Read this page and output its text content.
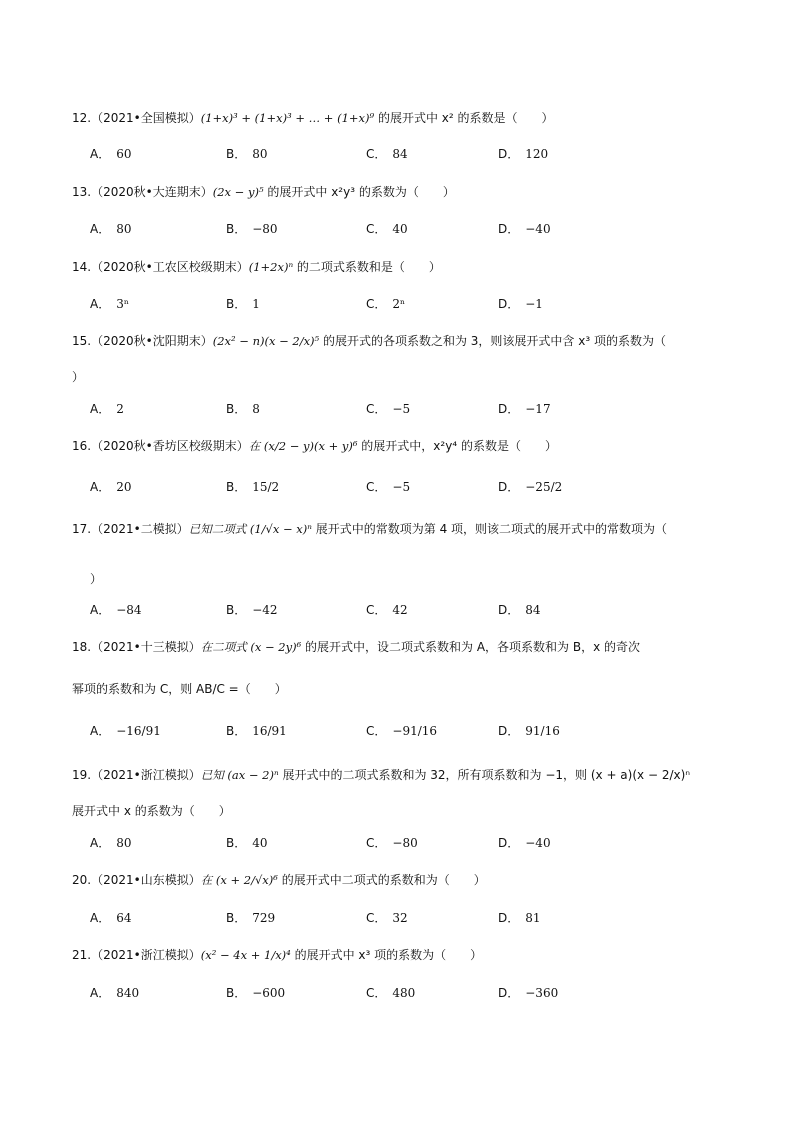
12.（2021•全国模拟）(1+x)³ + (1+x)³ + … + (1+x)⁹ 的展开式中 x² 的系数是（　　）
A． 60	B． 80	C． 84	D． 120
13.（2020秋•大连期末）(2x − y)⁵ 的展开式中 x²y³ 的系数为（　　）
A． 80	B． −80	C． 40	D． −40
14.（2020秋•工农区校级期末）(1+2x)ⁿ 的二项式系数和是（　　）
A． 3ⁿ	B． 1	C． 2ⁿ	D． −1
15.（2020秋•沈阳期末）(2x² − n)(x − 2/x)⁵ 的展开式的各项系数之和为 3，则该展开式中含 x³ 项的系数为（
）
A． 2	B． 8	C． −5	D． −17
16.（2020秋•香坊区校级期末）在 (x/2 − y)(x + y)⁶ 的展开式中，x²y⁴ 的系数是（　　）
A． 20	B． 15/2	C． −5	D． −25/2
17.（2021•二模拟）已知二项式 (1/√x − x)ⁿ 展开式中的常数项为第 4 项，则该二项式的展开式中的常数项为（
）
A． −84	B． −42	C． 42	D． 84
18.（2021•十三模拟）在二项式 (x − 2y)⁶ 的展开式中，设二项式系数和为 A，各项系数和为 B，x 的奇次
幂项的系数和为 C，则 AB/C =（　　）
A． −16/91	B． 16/91	C． −91/16	D． 91/16
19.（2021•浙江模拟）已知 (ax − 2)ⁿ 展开式中的二项式系数和为 32，所有项系数和为 −1，则 (x + a)(x − 2/x)ⁿ
展开式中 x 的系数为（　　）
A． 80	B． 40	C． −80	D． −40
20.（2021•山东模拟）在 (x + 2/√x)⁶ 的展开式中二项式的系数和为（　　）
A． 64	B． 729	C． 32	D． 81
21.（2021•浙江模拟）(x² − 4x + 1/x)⁴ 的展开式中 x³ 项的系数为（　　）
A． 840	B． −600	C． 480	D． −360
